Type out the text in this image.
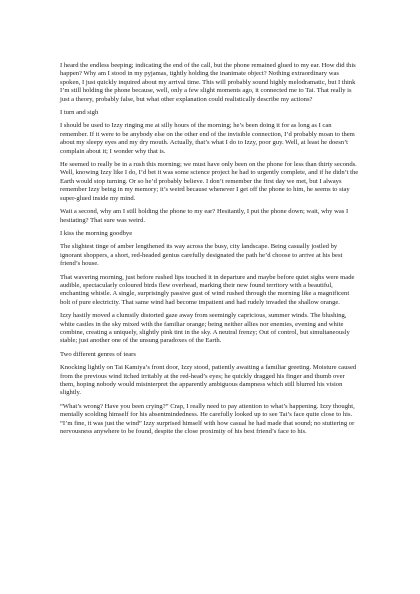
I heard the endless beeping; indicating the end of the call, but the phone remained glued to my ear. How did this happen? Why am I stood in my pyjamas, tightly holding the inanimate object? Nothing extraordinary was spoken, I just quickly inquired about my arrival time. This will probably sound highly melodramatic, but I think I’m still holding the phone because, well, only a few slight moments ago, it connected me to Tai. That really is just a theory, probably false, but what other explanation could realistically describe my actions?

I turn and sigh

I should be used to Izzy ringing me at silly hours of the morning; he’s been doing it for as long as I can remember. If it were to be anybody else on the other end of the invisible connection, I’d probably moan to them about my sleepy eyes and my dry mouth. Actually, that’s what I do to Izzy, poor guy. Well, at least he doesn’t complain about it; I wonder why that is.

He seemed to really be in a rush this morning; we must have only been on the phone for less than thirty seconds. Well, knowing Izzy like I do, I’d bet it was some science project he had to urgently complete, and if he didn’t the Earth would stop turning. Or so he’d probably believe. I don’t remember the first day we met, but I always remember Izzy being in my memory; it’s weird because whenever I get off the phone to him, he seems to stay super-glued inside my mind.

Wait a second, why am I still holding the phone to my ear? Hesitantly, I put the phone down; wait, why was I hesitating? That sure was weird.

I kiss the morning goodbye

The slightest tinge of amber lengthened its way across the busy, city landscape. Being casually jostled by ignorant shoppers, a short, red-headed genius carefully designated the path he’d choose to arrive at his best friend’s house.

That wavering morning, just before rushed lips touched it in departure and maybe before quiet sighs were made audible, spectacularly coloured birds flew overhead, marking their new found territory with a beautiful, enchanting whistle. A single, surprisingly passive gust of wind rushed through the morning like a magnificent bolt of pure electricity. That same wind had become impatient and had rudely invaded the shallow orange.

Izzy hastily moved a clumsily distorted gaze away from seemingly capricious, summer winds. The blushing, white castles in the sky mixed with the familiar orange; being neither allies nor enemies, evening and white combine, creating a uniquely, slightly pink tint in the sky. A neutral frenzy; Out of control, but simultaneously stable; just another one of the unsung paradoxes of the Earth.

Two different genres of tears

Knocking lightly on Tai Kamiya’s front door, Izzy stood, patiently awaiting a familiar greeting. Moisture caused from the previous wind itched irritably at the red-head’s eyes; he quickly dragged his finger and thumb over them, hoping nobody would misinterpret the apparently ambiguous dampness which still blurred his vision slightly.

“What’s wrong? Have you been crying?” Crap, I really need to pay attention to what’s happening. Izzy thought, mentally scolding himself for his absentmindedness. He carefully looked up to see Tai’s face quite close to his. “I’m fine, it was just the wind” Izzy surprised himself with how casual he had made that sound; no stuttering or nervousness anywhere to be found, despite the close proximity of his best friend’s face to his.
